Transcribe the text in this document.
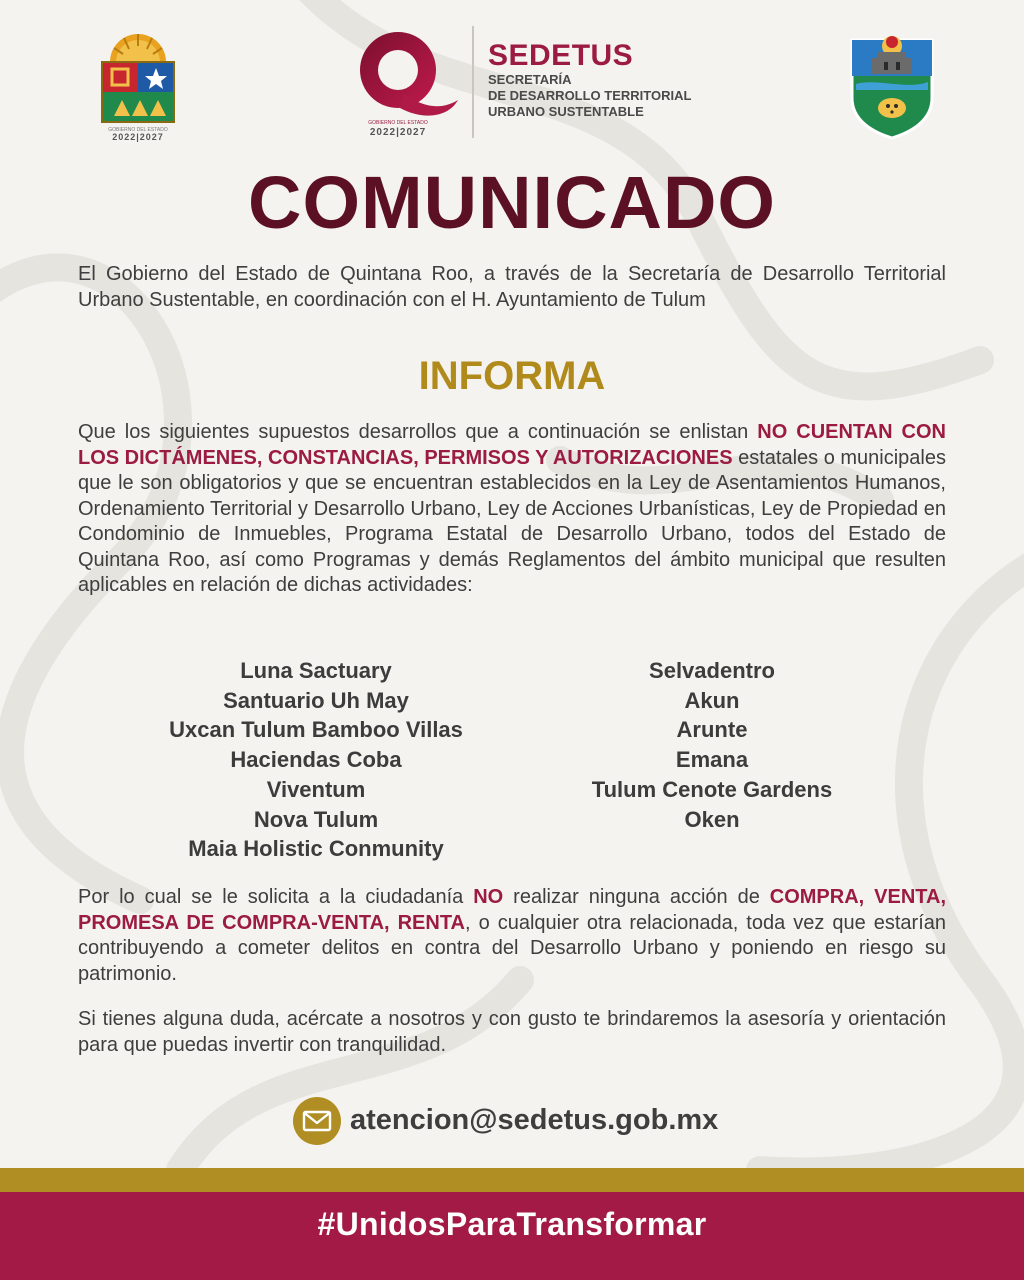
GOBIERNO DEL ESTADO
2022|2027
GOBIERNO DEL ESTADO
2022|2027
SEDETUS
SECRETARÍA
DE DESARROLLO TERRITORIAL
URBANO SUSTENTABLE
COMUNICADO

El Gobierno del Estado de Quintana Roo, a través de la Secretaría de Desarrollo Territorial Urbano Sustentable, en coordinación con el H. Ayuntamiento de Tulum

INFORMA

Que los siguientes supuestos desarrollos que a continuación se enlistan NO CUENTAN CON LOS DICTÁMENES, CONSTANCIAS, PERMISOS Y AUTORIZACIONES estatales o municipales que le son obligatorios y que se encuentran establecidos en la Ley de Asentamientos Humanos, Ordenamiento Territorial y Desarrollo Urbano, Ley de Acciones Urbanísticas, Ley de Propiedad en Condominio de Inmuebles, Programa Estatal de Desarrollo Urbano, todos del Estado de Quintana Roo, así como Programas y demás Reglamentos del ámbito municipal que resulten aplicables en relación de dichas actividades:

Luna Sactuary
Santuario Uh May
Uxcan Tulum Bamboo Villas
Haciendas Coba
Viventum
Nova Tulum
Maia Holistic Conmunity
Selvadentro
Akun
Arunte
Emana
Tulum Cenote Gardens
Oken

Por lo cual se le solicita a la ciudadanía NO realizar ninguna acción de COMPRA, VENTA, PROMESA DE COMPRA-VENTA, RENTA, o cualquier otra relacionada, toda vez que estarían contribuyendo a cometer delitos en contra del Desarrollo Urbano y poniendo en riesgo su patrimonio.

Si tienes alguna duda, acércate a nosotros y con gusto te brindaremos la asesoría y orientación para que puedas invertir con tranquilidad.

atencion@sedetus.gob.mx
#UnidosParaTransformar
